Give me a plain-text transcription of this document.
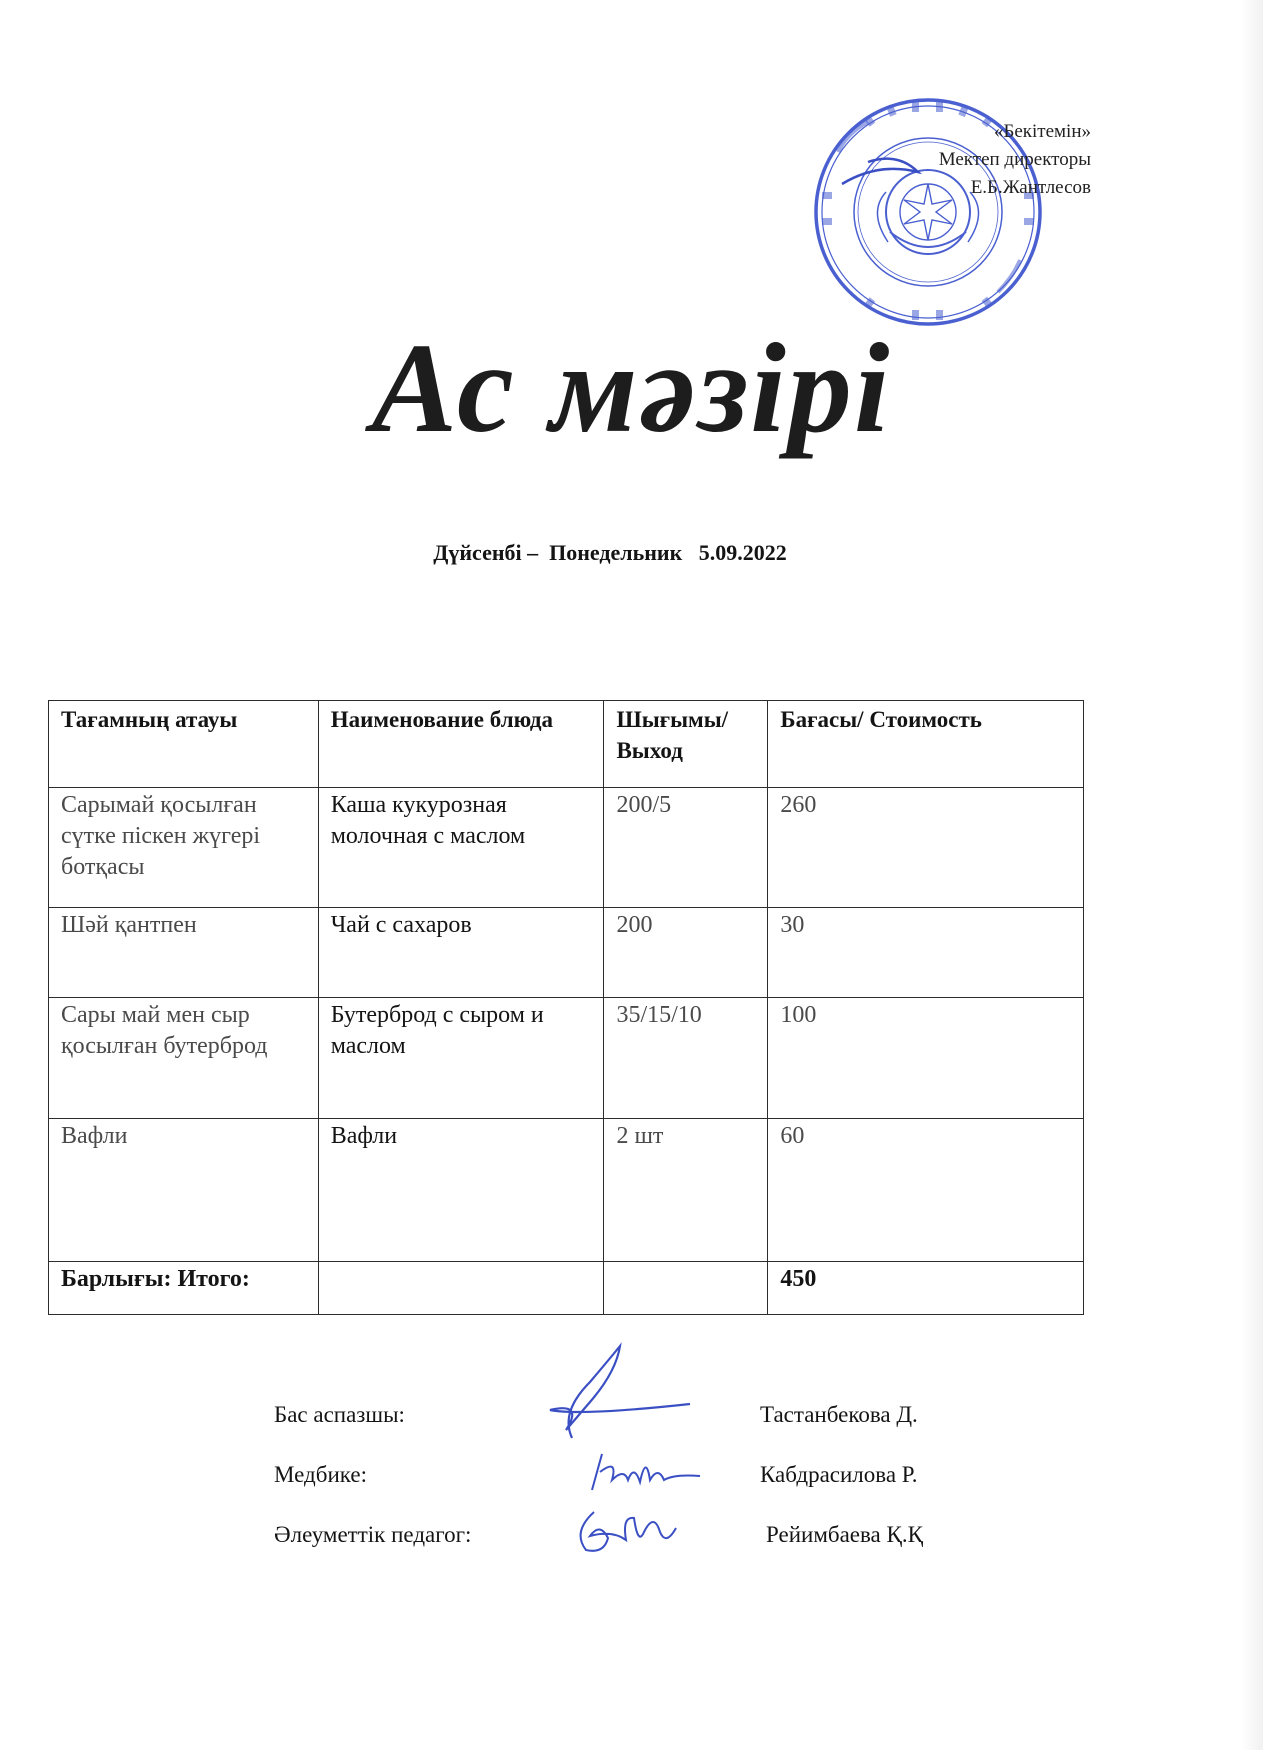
«Бекітемін»
Мектеп директоры
Е.Б.Жантлесов
Ас мәзірі
Дүйсенбі –  Понедельник   5.09.2022
Тағамның атауы	Наименование блюда	Шығымы/ Выход	Бағасы/ Стоимость
Сарымай қосылған сүтке піскен жүгері ботқасы	Каша кукурозная молочная с маслом	200/5	260
Шәй қантпен	Чай с сахаров	200	30
Сары май мен сыр қосылған бутерброд	Бутерброд с сыром и маслом	35/15/10	100
Вафли	Вафли	2 шт	60
Барлығы: Итого:			450
Бас аспазшы:	Тастанбекова Д.
Медбике:	Кабдрасилова Р.
Әлеуметтік педагог:	Рейимбаева Қ.Қ
